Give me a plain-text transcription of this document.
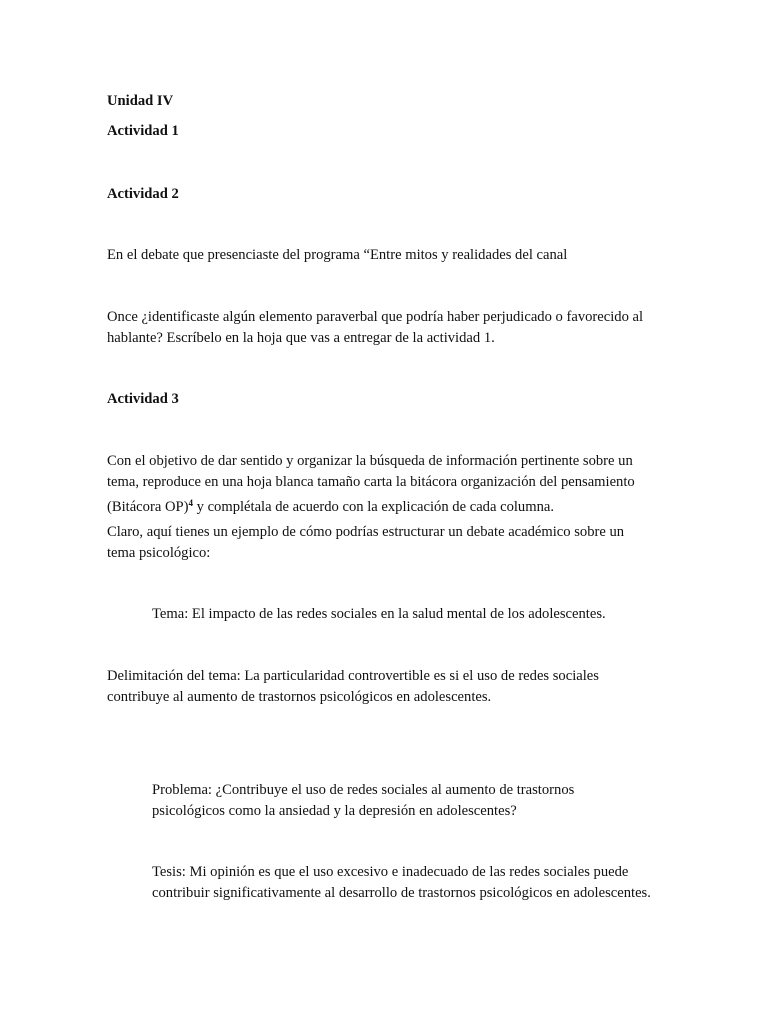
Unidad IV
Actividad 1
Actividad 2
En el debate que presenciaste del programa “Entre mitos y realidades del canal
Once ¿identificaste algún elemento paraverbal que podría haber perjudicado o favorecido al hablante? Escríbelo en la hoja que vas a entregar de la actividad 1.
Actividad 3
Con el objetivo de dar sentido y organizar la búsqueda de información pertinente sobre un tema, reproduce en una hoja blanca tamaño carta la bitácora organización del pensamiento (Bitácora OP)$^4$ y complétala de acuerdo con la explicación de cada columna.
Claro, aquí tienes un ejemplo de cómo podrías estructurar un debate académico sobre un tema psicológico:
Tema: El impacto de las redes sociales en la salud mental de los adolescentes.
Delimitación del tema: La particularidad controvertible es si el uso de redes sociales contribuye al aumento de trastornos psicológicos en adolescentes.
Problema: ¿Contribuye el uso de redes sociales al aumento de trastornos psicológicos como la ansiedad y la depresión en adolescentes?
Tesis: Mi opinión es que el uso excesivo e inadecuado de las redes sociales puede contribuir significativamente al desarrollo de trastornos psicológicos en adolescentes.
